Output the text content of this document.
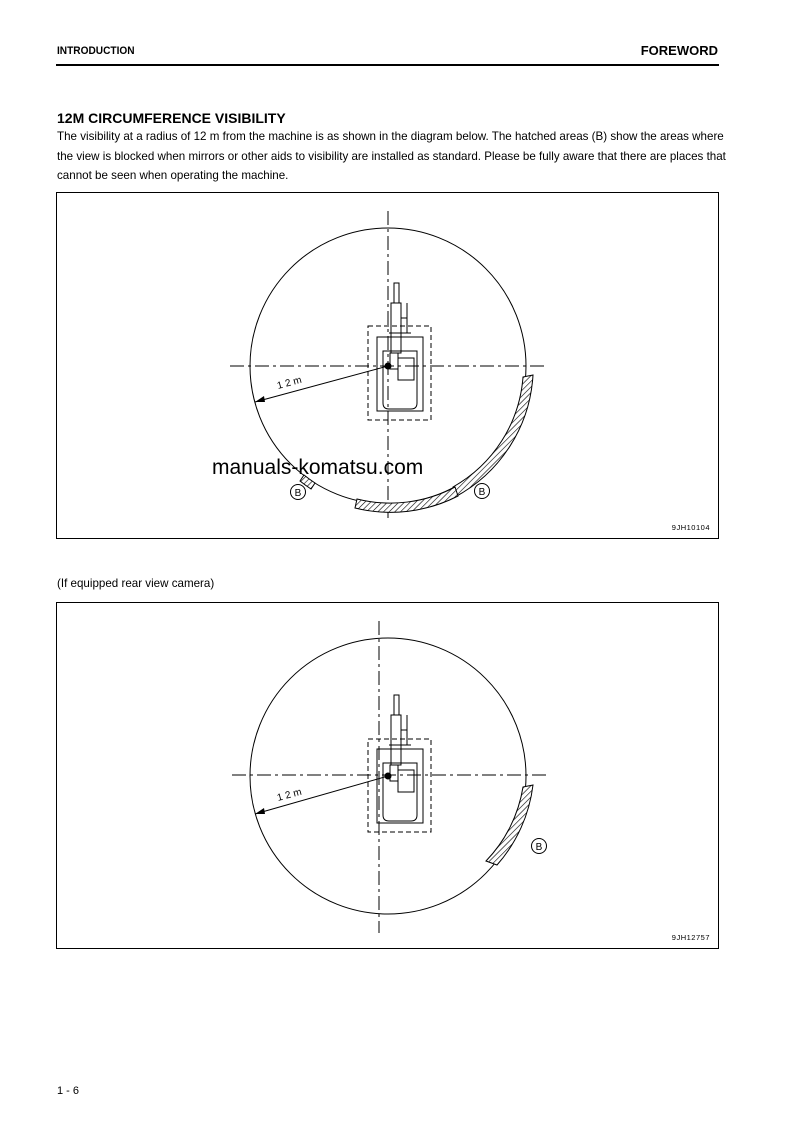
INTRODUCTION	FOREWORD
12M CIRCUMFERENCE VISIBILITY
The visibility at a radius of 12 m from the machine is as shown in the diagram below. The hatched areas (B) show the areas where the view is blocked when mirrors or other aids to visibility are installed as standard. Please be fully aware that there are places that cannot be seen when operating the machine.
1 2 m
B	B
9JH10104
manuals-komatsu.com
(If equipped rear view camera)
1 2 m
B
9JH12757
1 - 6
